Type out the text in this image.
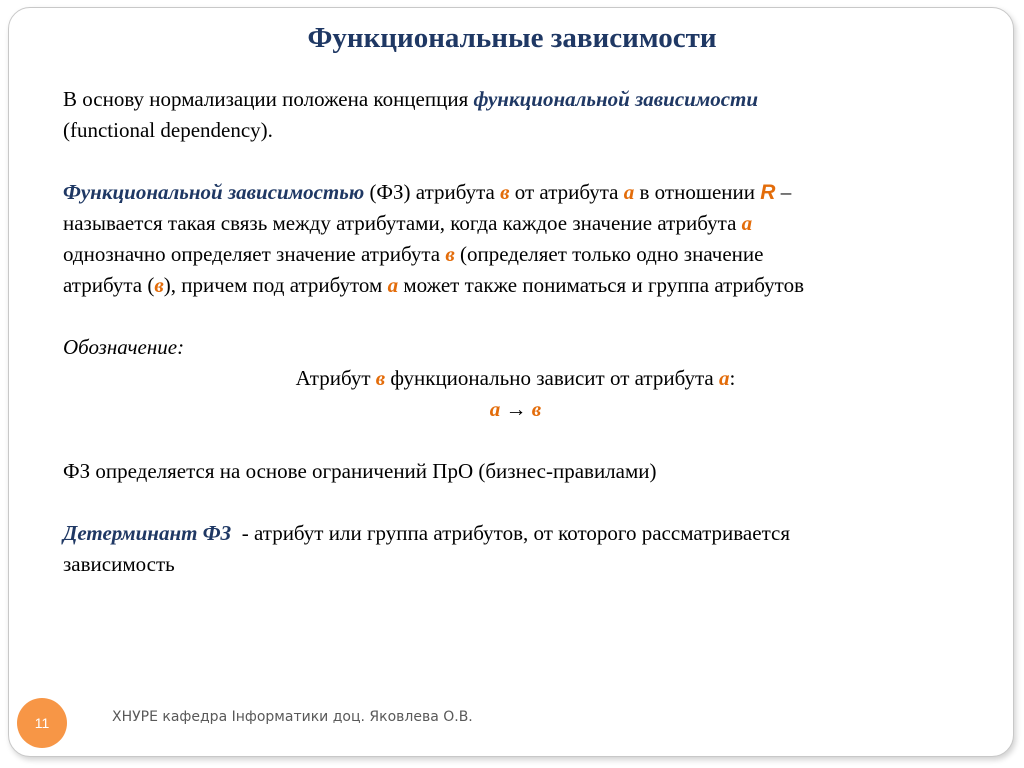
Функциональные зависимости

В основу нормализации положена концепция функциональной зависимости
(functional dependency).

Функциональной зависимостью (ФЗ) атрибута в от атрибута а в отношении R –
называется такая связь между атрибутами, когда каждое значение атрибута а
однозначно определяет значение атрибута в (определяет только одно значение
атрибута (в), причем под атрибутом а может также пониматься и группа атрибутов

Обозначение:

Атрибут в функционально зависит от атрибута а:

а → в

ФЗ определяется на основе ограничений ПрО (бизнес-правилами)

Детерминант ФЗ  - атрибут или группа атрибутов, от которого рассматривается
зависимость

11	ХНУРЕ кафедра Інформатики доц. Яковлева О.В.
